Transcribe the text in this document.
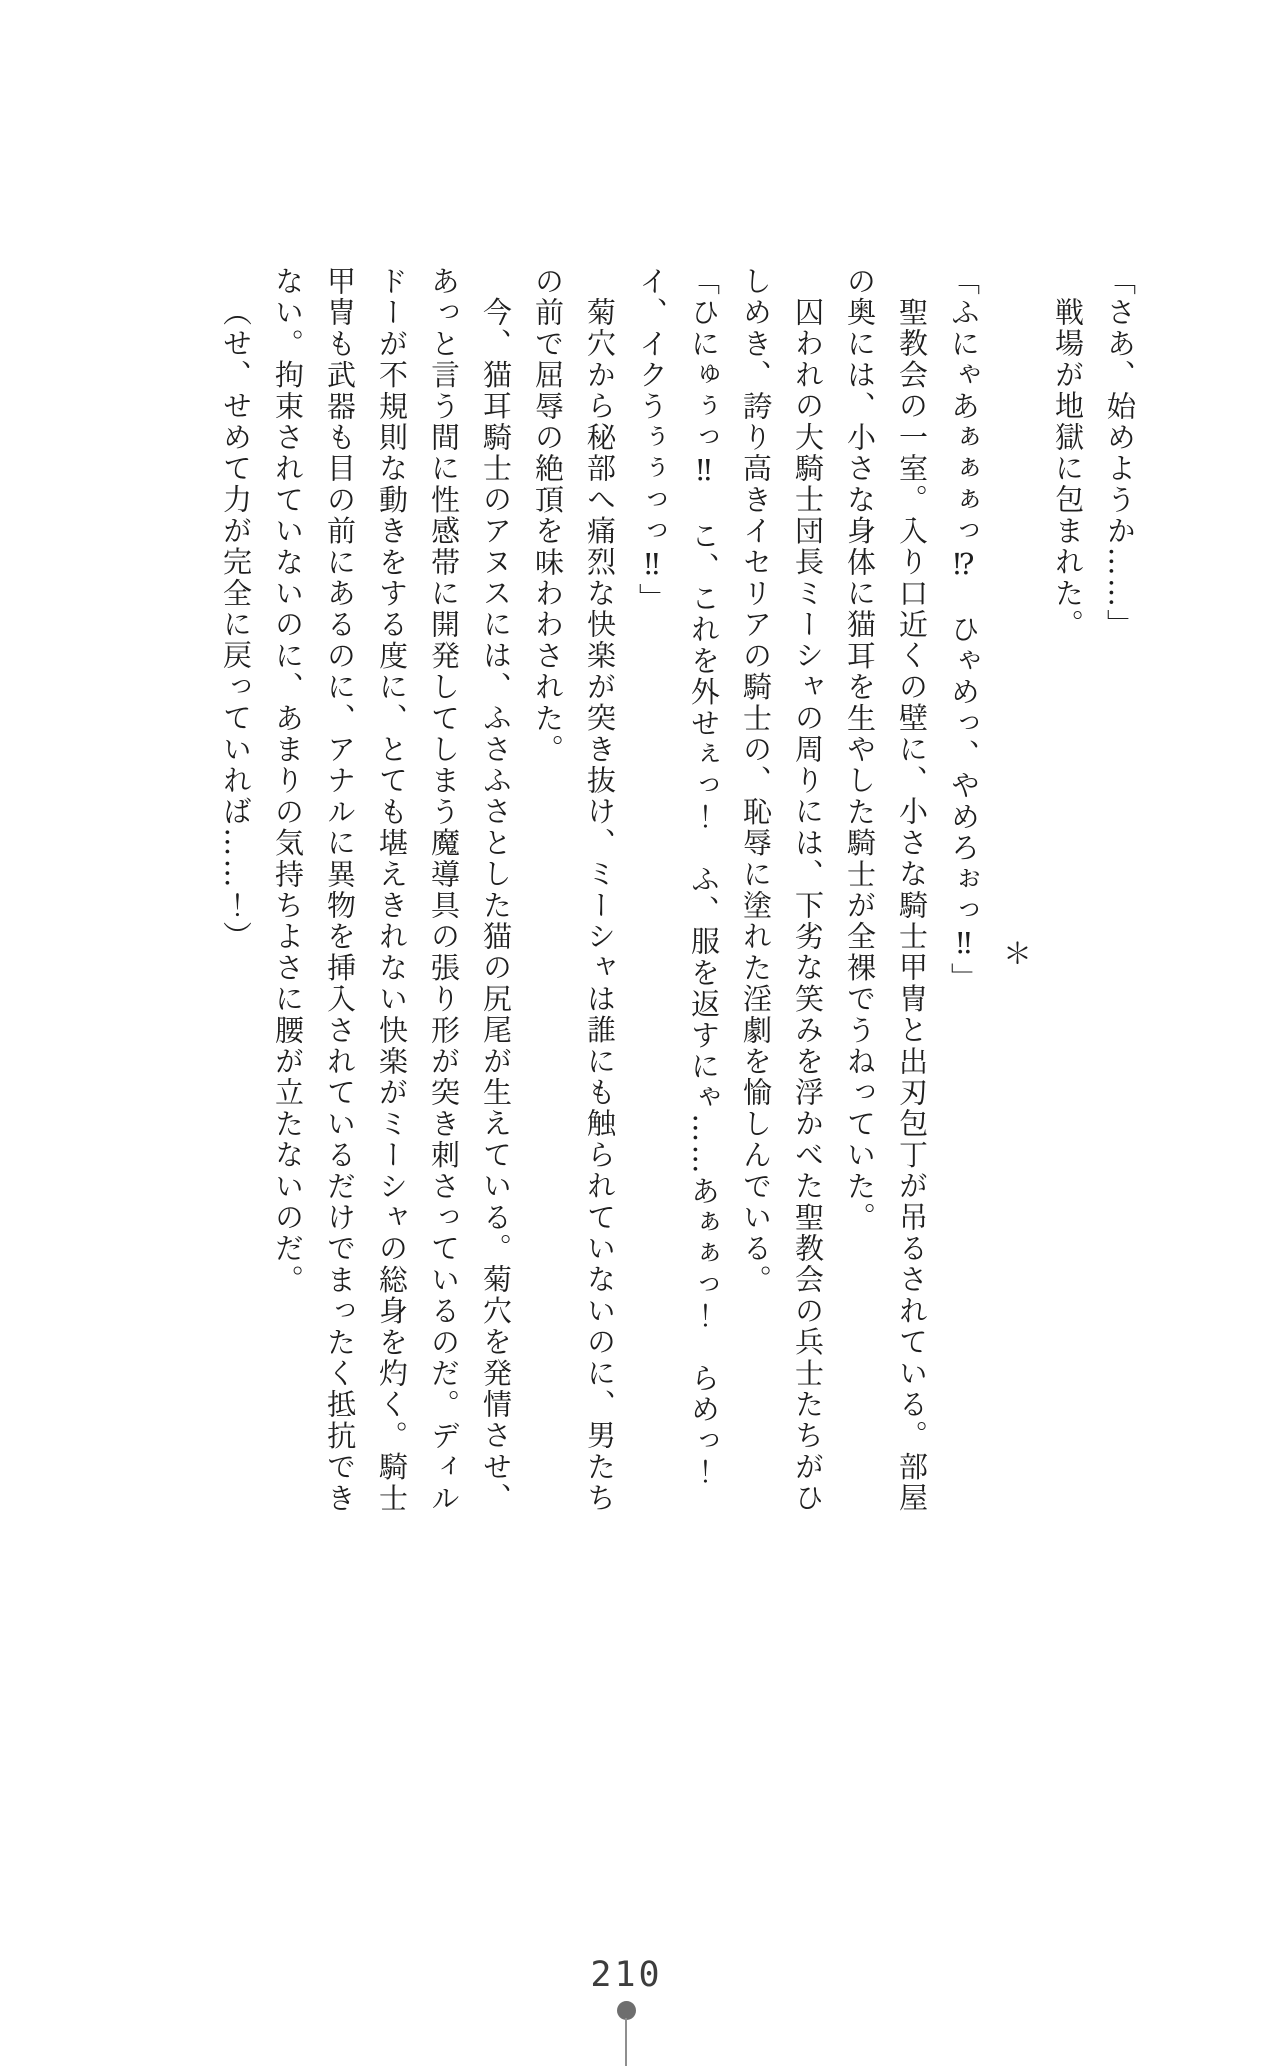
「さあ、始めようか……」

戦場が地獄に包まれた。

＊

「ふにゃあぁぁぁっ⁉　ひゃめっ、やめろぉっ‼」

聖教会の一室。入り口近くの壁に、小さな騎士甲冑と出刃包丁が吊るされている。部屋

の奥には、小さな身体に猫耳を生やした騎士が全裸でうねっていた。

囚われの大騎士団長ミーシャの周りには、下劣な笑みを浮かべた聖教会の兵士たちがひ

しめき、誇り高きイセリアの騎士の、恥辱に塗れた淫劇を愉しんでいる。

「ひにゅぅっ‼　こ、これを外せぇっ！　ふ、服を返すにゃ……あぁぁっ！　らめっ！

イ、イクうぅぅっっ‼」

菊穴から秘部へ痛烈な快楽が突き抜け、ミーシャは誰にも触られていないのに、男たち

の前で屈辱の絶頂を味わわされた。

今、猫耳騎士のアヌスには、ふさふさとした猫の尻尾が生えている。菊穴を発情させ、

あっと言う間に性感帯に開発してしまう魔導具の張り形が突き刺さっているのだ。ディル

ドーが不規則な動きをする度に、とても堪えきれない快楽がミーシャの総身を灼く。騎士

甲冑も武器も目の前にあるのに、アナルに異物を挿入されているだけでまったく抵抗でき

ない。拘束されていないのに、あまりの気持ちよさに腰が立たないのだ。

（せ、せめて力が完全に戻っていれば……！）

210
